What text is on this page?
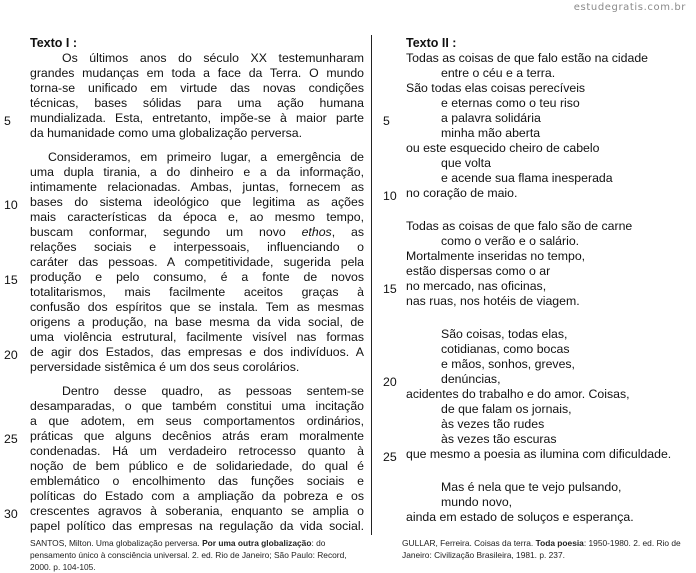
estudegratis.com.br
Texto I :
Os últimos anos do século XX testemunharam
grandes mudanças em toda a face da Terra. O mundo
torna-se unificado em virtude das novas condições
técnicas, bases sólidas para uma ação humana
mundializada. Esta, entretanto, impõe-se à maior parte
da humanidade como uma globalização perversa.
Consideramos, em primeiro lugar, a emergência de
uma dupla tirania, a do dinheiro e a da informação,
intimamente relacionadas. Ambas, juntas, fornecem as
bases do sistema ideológico que legitima as ações
mais características da época e, ao mesmo tempo,
buscam conformar, segundo um novo ethos, as
relações sociais e interpessoais, influenciando o
caráter das pessoas. A competitividade, sugerida pela
produção e pelo consumo, é a fonte de novos
totalitarismos, mais facilmente aceitos graças à
confusão dos espíritos que se instala. Tem as mesmas
origens a produção, na base mesma da vida social, de
uma violência estrutural, facilmente visível nas formas
de agir dos Estados, das empresas e dos indivíduos. A
perversidade sistêmica é um dos seus corolários.
Dentro desse quadro, as pessoas sentem-se
desamparadas, o que também constitui uma incitação
a que adotem, em seus comportamentos ordinários,
práticas que alguns decênios atrás eram moralmente
condenadas. Há um verdadeiro retrocesso quanto à
noção de bem público e de solidariedade, do qual é
emblemático o encolhimento das funções sociais e
políticas do Estado com a ampliação da pobreza e os
crescentes agravos à soberania, enquanto se amplia o
papel político das empresas na regulação da vida social.
5
10
15
20
25
30
Texto II :
Todas as coisas de que falo estão na cidade
entre o céu e a terra.
São todas elas coisas perecíveis
e eternas como o teu riso
a palavra solidária
minha mão aberta
ou este esquecido cheiro de cabelo
que volta
e acende sua flama inesperada
no coração de maio.
Todas as coisas de que falo são de carne
como o verão e o salário.
Mortalmente inseridas no tempo,
estão dispersas como o ar
no mercado, nas oficinas,
nas ruas, nos hotéis de viagem.
São coisas, todas elas,
cotidianas, como bocas
e mãos, sonhos, greves,
denúncias,
acidentes do trabalho e do amor. Coisas,
de que falam os jornais,
às vezes tão rudes
às vezes tão escuras
que mesmo a poesia as ilumina com dificuldade.
Mas é nela que te vejo pulsando,
mundo novo,
ainda em estado de soluços e esperança.
5
10
15
20
25
SANTOS, Milton. Uma globalização perversa. Por uma outra globalização: do pensamento único à consciência universal. 2. ed. Rio de Janeiro; São Paulo: Record, 2000. p. 104-105.
GULLAR, Ferreira. Coisas da terra. Toda poesia: 1950-1980. 2. ed. Rio de Janeiro: Civilização Brasileira, 1981. p. 237.
